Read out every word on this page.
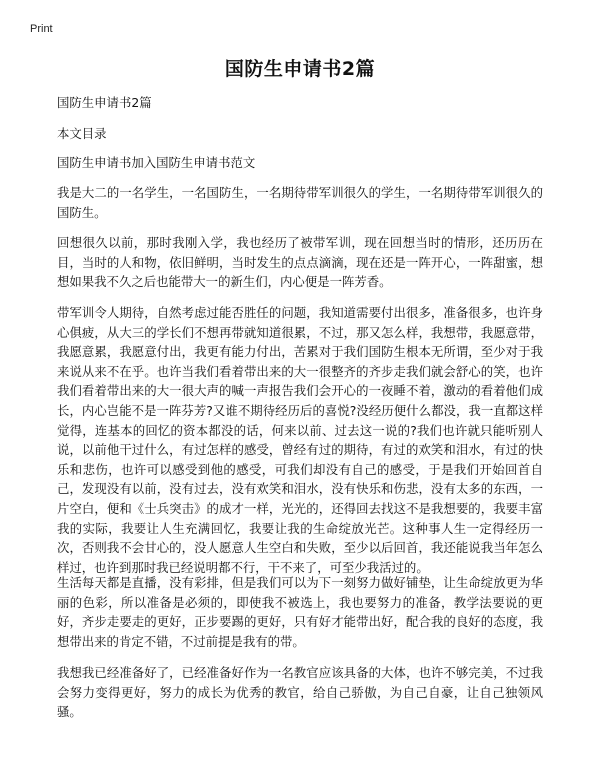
Print
国防生申请书2篇

国防生申请书2篇

本文目录

国防生申请书加入国防生申请书范文

我是大二的一名学生，一名国防生，一名期待带军训很久的学生，一名期待带军训很久的国防生。

回想很久以前，那时我刚入学，我也经历了被带军训，现在回想当时的情形，还历历在目，当时的人和物，依旧鲜明，当时发生的点点滴滴，现在还是一阵开心，一阵甜蜜，想想如果我不久之后也能带大一的新生们，内心便是一阵芳香。

带军训令人期待，自然考虑过能否胜任的问题，我知道需要付出很多，准备很多，也许身心俱疲，从大三的学长们不想再带就知道很累，不过，那又怎么样，我想带，我愿意带，我愿意累，我愿意付出，我更有能力付出，苦累对于我们国防生根本无所谓，至少对于我来说从来不在乎。也许当我们看着带出来的大一很整齐的齐步走我们就会舒心的笑，也许我们看着带出来的大一很大声的喊一声报告我们会开心的一夜睡不着，激动的看着他们成长，内心岂能不是一阵芬芳?又谁不期待经历后的喜悦?没经历便什么都没，我一直都这样觉得，连基本的回忆的资本都没的话，何来以前、过去这一说的?我们也许就只能听别人说，以前他干过什么，有过怎样的感受，曾经有过的期待，有过的欢笑和泪水，有过的快乐和悲伤，也许可以感受到他的感受，可我们却没有自己的感受，于是我们开始回首自己，发现没有以前，没有过去，没有欢笑和泪水，没有快乐和伤悲，没有太多的东西，一片空白，便和《士兵突击》的成才一样，光光的，还得回去找这不是我想要的，我要丰富我的实际，我要让人生充满回忆，我要让我的生命绽放光芒。这种事人生一定得经历一次，否则我不会甘心的，没人愿意人生空白和失败，至少以后回首，我还能说我当年怎么样过，也许到那时我已经说明都不行，干不来了，可至少我活过的。

生活每天都是直播，没有彩排，但是我们可以为下一刻努力做好铺垫，让生命绽放更为华丽的色彩，所以准备是必须的，即使我不被选上，我也要努力的准备，教学法要说的更好，齐步走要走的更好，正步要踢的更好，只有好才能带出好，配合我的良好的态度，我想带出来的肯定不错，不过前提是我有的带。

我想我已经准备好了，已经准备好作为一名教官应该具备的大体，也许不够完美，不过我会努力变得更好，努力的成长为优秀的教官，给自己骄傲，为自己自豪，让自己独领风骚。
